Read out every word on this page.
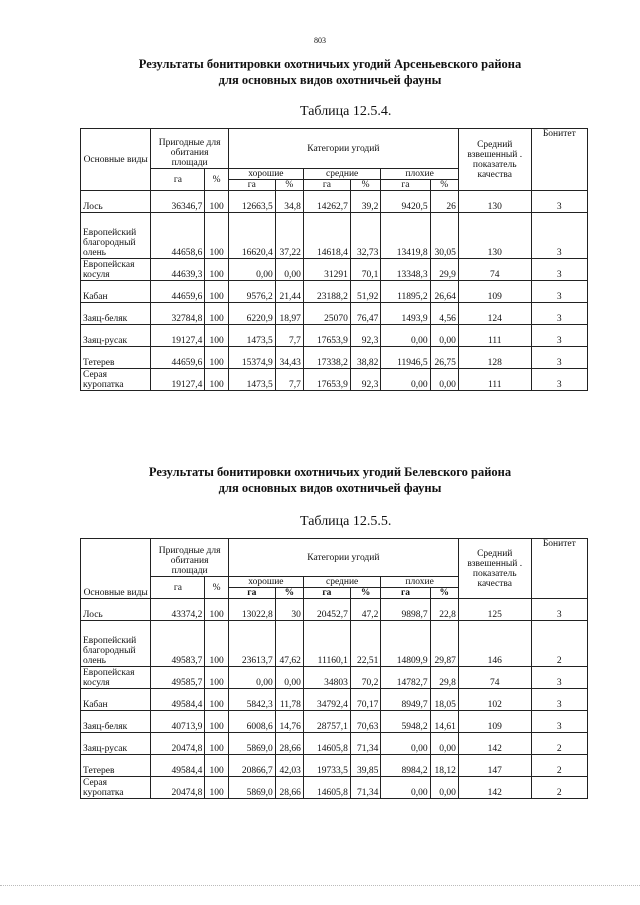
803
Результаты бонитировки охотничьих угодий Арсеньевского района
для основных видов охотничьей фауны
Таблица 12.5.4.
Основные виды	Пригодные для обитания площади		Категории угодий						Средний взвешенный . показатель качества	Бонитет
	га	%	хорошие		средние		плохие			
			га	%	га	%	га	%		
Лось	36346,7	100	12663,5	34,8	14262,7	39,2	9420,5	26	130	3
Европейский благородный олень	44658,6	100	16620,4	37,22	14618,4	32,73	13419,8	30,05	130	3
Европейская косуля	44639,3	100	0,00	0,00	31291	70,1	13348,3	29,9	74	3
Кабан	44659,6	100	9576,2	21,44	23188,2	51,92	11895,2	26,64	109	3
Заяц-беляк	32784,8	100	6220,9	18,97	25070	76,47	1493,9	4,56	124	3
Заяц-русак	19127,4	100	1473,5	7,7	17653,9	92,3	0,00	0,00	111	3
Тетерев	44659,6	100	15374,9	34,43	17338,2	38,82	11946,5	26,75	128	3
Серая куропатка	19127,4	100	1473,5	7,7	17653,9	92,3	0,00	0,00	111	3
Результаты бонитировки охотничьих угодий Белевского района
для основных видов охотничьей фауны
Таблица 12.5.5.
Основные виды	Пригодные для обитания площади		Категории угодий						Средний взвешенный . показатель качества	Бонитет
	га	%	хорошие		средние		плохие			
			га	%	га	%	га	%		
Лось	43374,2	100	13022,8	30	20452,7	47,2	9898,7	22,8	125	3
Европейский благородный олень	49583,7	100	23613,7	47,62	11160,1	22,51	14809,9	29,87	146	2
Европейская косуля	49585,7	100	0,00	0,00	34803	70,2	14782,7	29,8	74	3
Кабан	49584,4	100	5842,3	11,78	34792,4	70,17	8949,7	18,05	102	3
Заяц-беляк	40713,9	100	6008,6	14,76	28757,1	70,63	5948,2	14,61	109	3
Заяц-русак	20474,8	100	5869,0	28,66	14605,8	71,34	0,00	0,00	142	2
Тетерев	49584,4	100	20866,7	42,03	19733,5	39,85	8984,2	18,12	147	2
Серая куропатка	20474,8	100	5869,0	28,66	14605,8	71,34	0,00	0,00	142	2
